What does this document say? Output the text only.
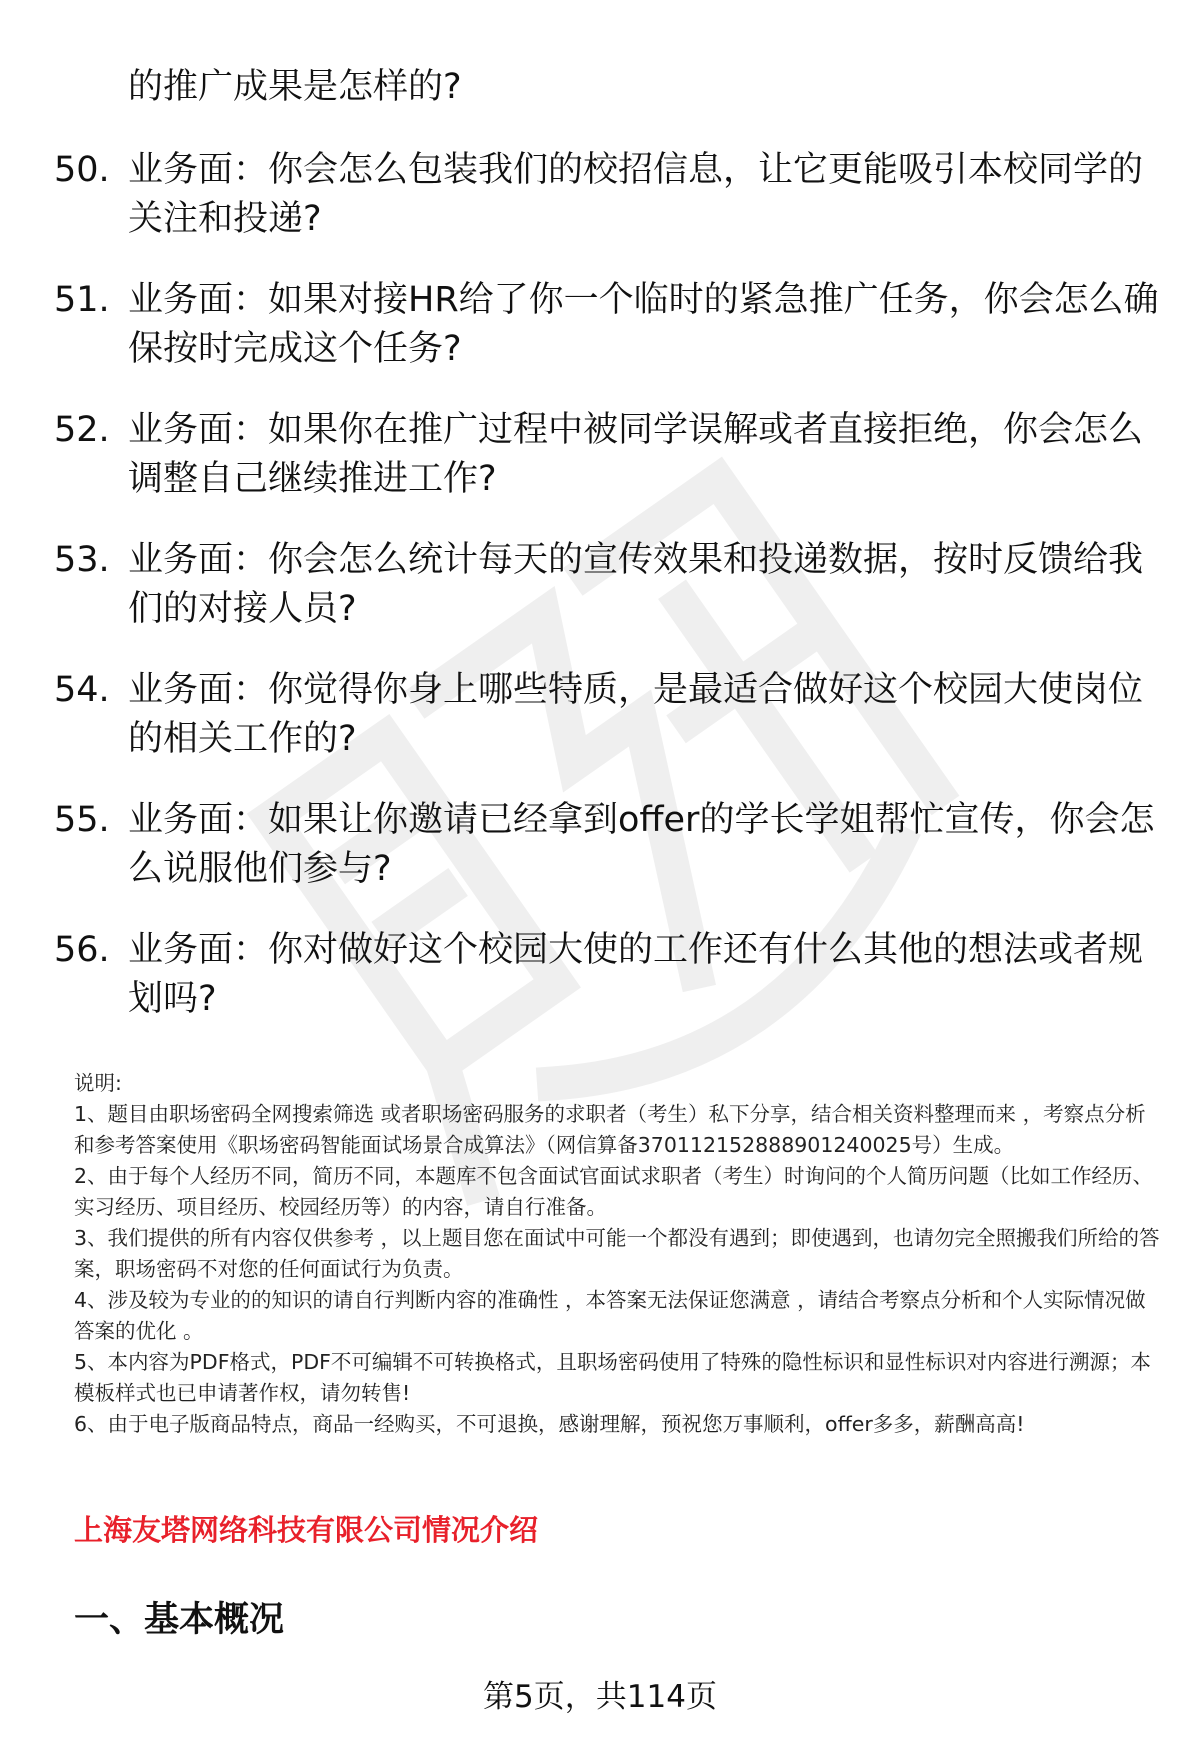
的推广成果是怎样的?

50. 业务面：你会怎么包装我们的校招信息，让它更能吸引本校同学的关注和投递?
51. 业务面：如果对接HR给了你一个临时的紧急推广任务，你会怎么确保按时完成这个任务?
52. 业务面：如果你在推广过程中被同学误解或者直接拒绝，你会怎么调整自己继续推进工作?
53. 业务面：你会怎么统计每天的宣传效果和投递数据，按时反馈给我们的对接人员?
54. 业务面：你觉得你身上哪些特质，是最适合做好这个校园大使岗位的相关工作的?
55. 业务面：如果让你邀请已经拿到offer的学长学姐帮忙宣传，你会怎么说服他们参与?
56. 业务面：你对做好这个校园大使的工作还有什么其他的想法或者规划吗?

说明:

1、题目由职场密码全网搜索筛选 或者职场密码服务的求职者（考生）私下分享，结合相关资料整理而来 ，考察点分析和参考答案使用《职场密码智能面试场景合成算法》（网信算备370112152888901240025号）生成。

2、由于每个人经历不同，简历不同，本题库不包含面试官面试求职者（考生）时询问的个人简历问题（比如工作经历、实习经历、项目经历、校园经历等）的内容，请自行准备。

3、我们提供的所有内容仅供参考 ，以上题目您在面试中可能一个都没有遇到；即使遇到，也请勿完全照搬我们所给的答案，职场密码不对您的任何面试行为负责。

4、涉及较为专业的的知识的请自行判断内容的准确性 ，本答案无法保证您满意 ，请结合考察点分析和个人实际情况做答案的优化 。

5、本内容为PDF格式，PDF不可编辑不可转换格式，且职场密码使用了特殊的隐性标识和显性标识对内容进行溯源；本模板样式也已申请著作权，请勿转售!

6、由于电子版商品特点，商品一经购买，不可退换，感谢理解，预祝您万事顺利，offer多多，薪酬高高!

上海友塔网络科技有限公司情况介绍
一、基本概况
第5页，共114页
